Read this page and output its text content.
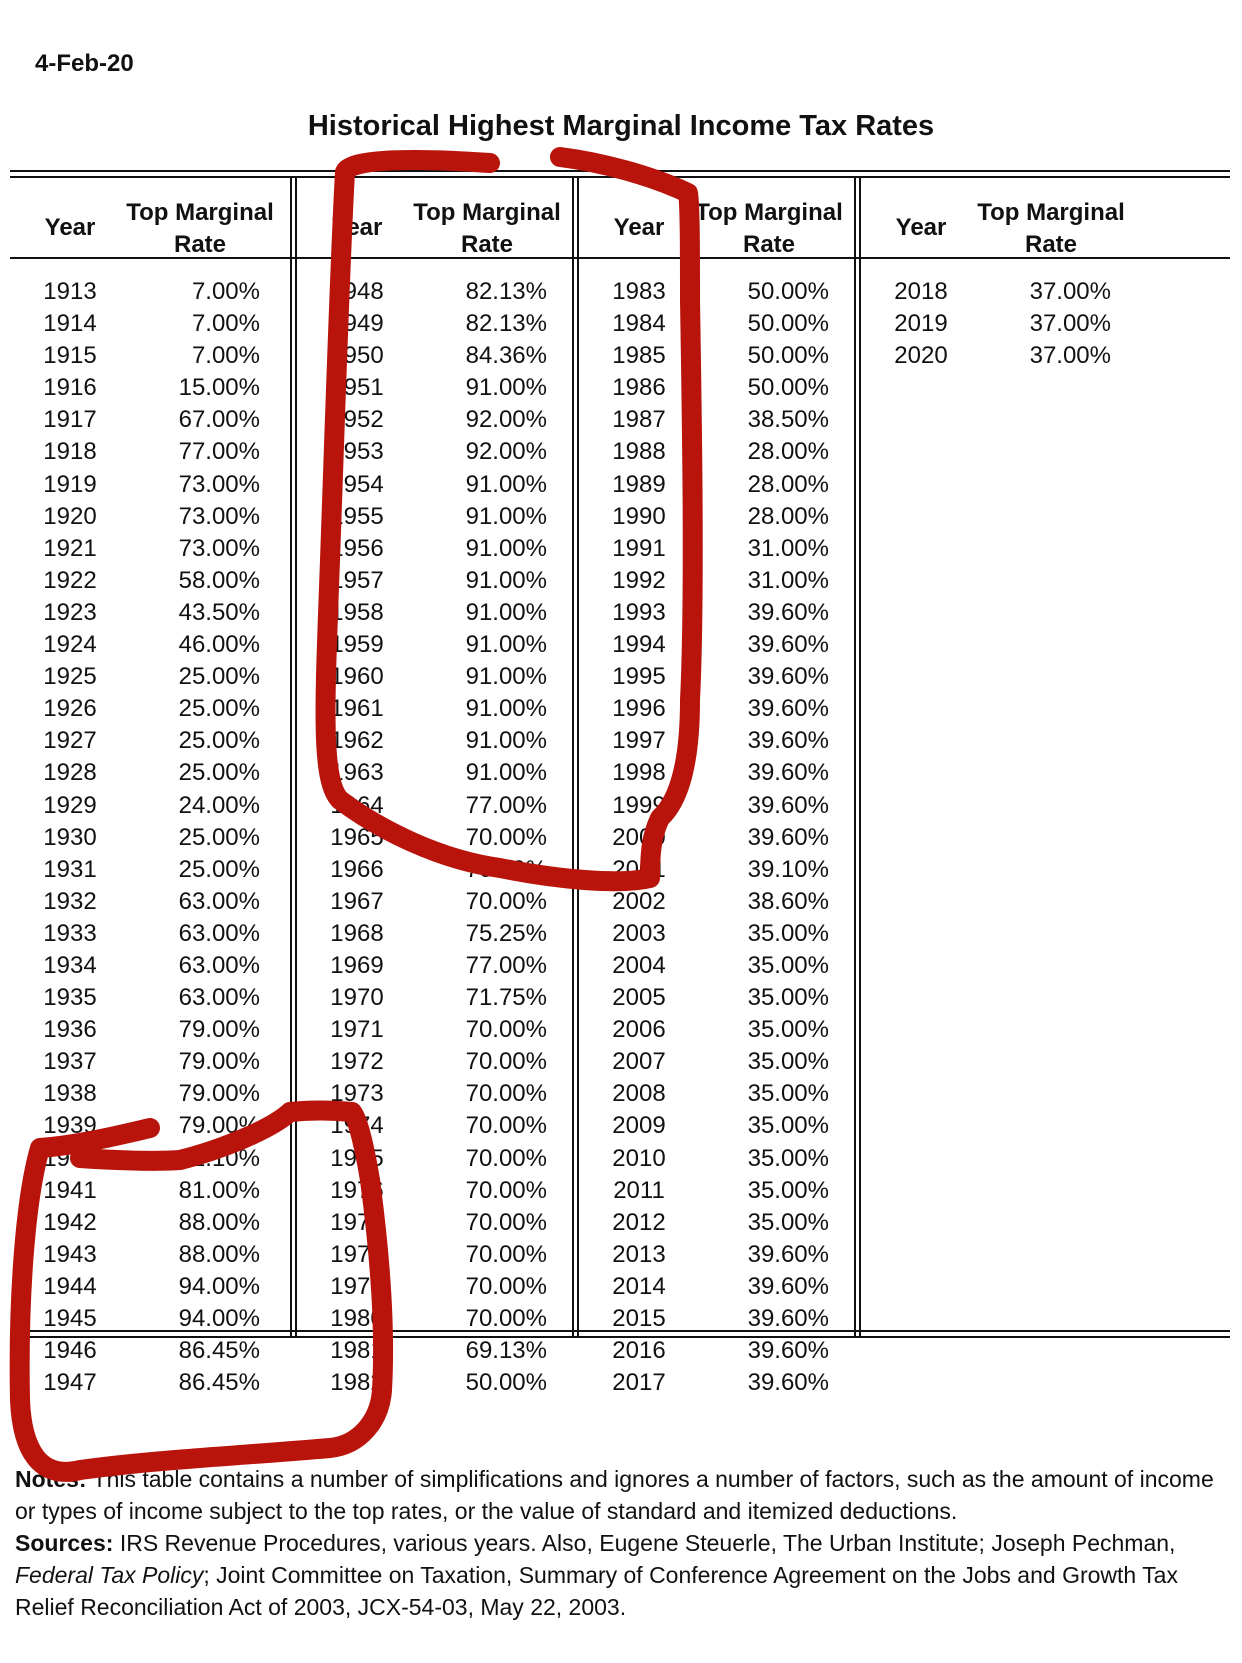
4-Feb-20
Historical Highest Marginal Income Tax Rates
Year
Top Marginal
Rate
1913	7.00%
1914	7.00%
1915	7.00%
1916	15.00%
1917	67.00%
1918	77.00%
1919	73.00%
1920	73.00%
1921	73.00%
1922	58.00%
1923	43.50%
1924	46.00%
1925	25.00%
1926	25.00%
1927	25.00%
1928	25.00%
1929	24.00%
1930	25.00%
1931	25.00%
1932	63.00%
1933	63.00%
1934	63.00%
1935	63.00%
1936	79.00%
1937	79.00%
1938	79.00%
1939	79.00%
1940	81.10%
1941	81.00%
1942	88.00%
1943	88.00%
1944	94.00%
1945	94.00%
1946	86.45%
1947	86.45%
Year
Top Marginal
Rate
1948	82.13%
1949	82.13%
1950	84.36%
1951	91.00%
1952	92.00%
1953	92.00%
1954	91.00%
1955	91.00%
1956	91.00%
1957	91.00%
1958	91.00%
1959	91.00%
1960	91.00%
1961	91.00%
1962	91.00%
1963	91.00%
1964	77.00%
1965	70.00%
1966	70.00%
1967	70.00%
1968	75.25%
1969	77.00%
1970	71.75%
1971	70.00%
1972	70.00%
1973	70.00%
1974	70.00%
1975	70.00%
1976	70.00%
1977	70.00%
1978	70.00%
1979	70.00%
1980	70.00%
1981	69.13%
1982	50.00%
Year
Top Marginal
Rate
1983	50.00%
1984	50.00%
1985	50.00%
1986	50.00%
1987	38.50%
1988	28.00%
1989	28.00%
1990	28.00%
1991	31.00%
1992	31.00%
1993	39.60%
1994	39.60%
1995	39.60%
1996	39.60%
1997	39.60%
1998	39.60%
1999	39.60%
2000	39.60%
2001	39.10%
2002	38.60%
2003	35.00%
2004	35.00%
2005	35.00%
2006	35.00%
2007	35.00%
2008	35.00%
2009	35.00%
2010	35.00%
2011	35.00%
2012	35.00%
2013	39.60%
2014	39.60%
2015	39.60%
2016	39.60%
2017	39.60%
Year
Top Marginal
Rate
2018	37.00%
2019	37.00%
2020	37.00%
Notes: This table contains a number of simplifications and ignores a number of factors, such as the amount of income or types of income subject to the top rates, or the value of standard and itemized deductions.
Sources: IRS Revenue Procedures, various years. Also, Eugene Steuerle, The Urban Institute; Joseph Pechman, Federal Tax Policy; Joint Committee on Taxation, Summary of Conference Agreement on the Jobs and Growth Tax Relief Reconciliation Act of 2003, JCX-54-03, May 22, 2003.
